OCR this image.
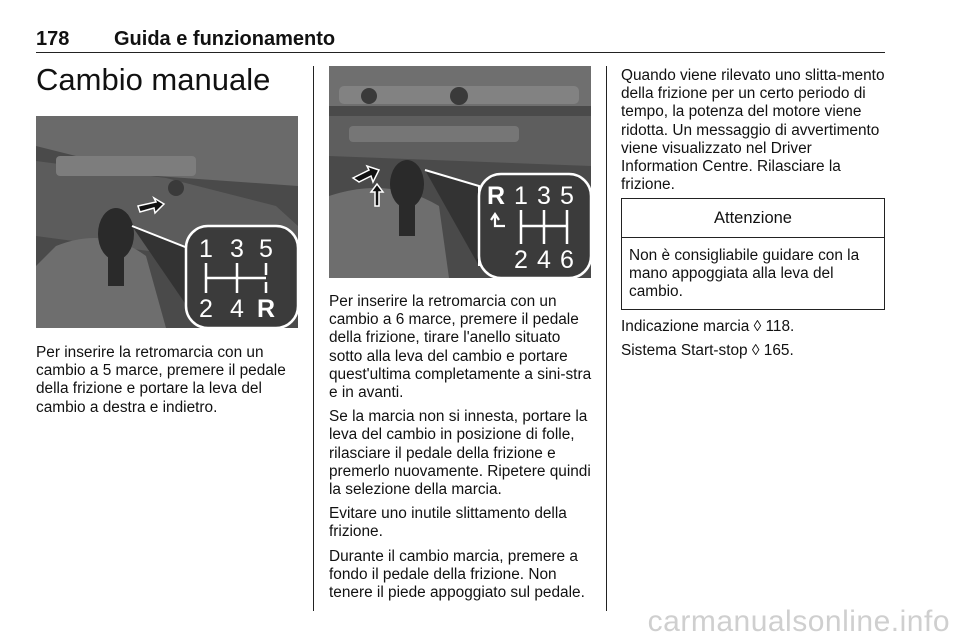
178 Guida e funzionamento
Cambio manuale
1 3 5
2 4 R
R 1 3 5
2 4 6

Per inserire la retromarcia con un cambio a 5 marce, premere il pedale della frizione e portare la leva del cambio a destra e indietro.

Per inserire la retromarcia con un cambio a 6 marce, premere il pedale della frizione, tirare l'anello situato sotto alla leva del cambio e portare quest'ultima completamente a sini-stra e in avanti.

Se la marcia non si innesta, portare la leva del cambio in posizione di folle, rilasciare il pedale della frizione e premerlo nuovamente. Ripetere quindi la selezione della marcia.

Evitare uno inutile slittamento della frizione.

Durante il cambio marcia, premere a fondo il pedale della frizione. Non tenere il piede appoggiato sul pedale.

Quando viene rilevato uno slitta-mento della frizione per un certo periodo di tempo, la potenza del motore viene ridotta. Un messaggio di avvertimento viene visualizzato nel Driver Information Centre. Rilasciare la frizione.

Attenzione
Non è consigliabile guidare con la mano appoggiata alla leva del cambio.

Indicazione marcia ◊ 118.

Sistema Start-stop ◊ 165.

carmanualsonline.info
